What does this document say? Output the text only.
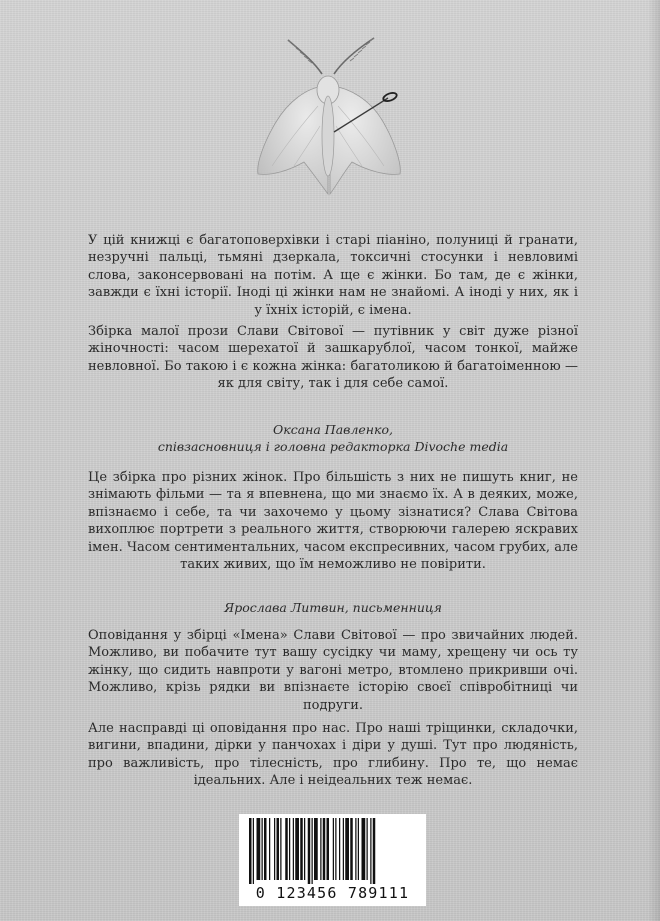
У цій книжці є багатоповерхівки і старі піаніно, полуниці й гранати, незручні пальці, тьмяні дзеркала, токсичні стосунки і невловимі слова, законсервовані на потім. А ще є жінки. Бо там, де є жінки, завжди є їхні історії. Іноді ці жінки нам не знайомі. А іноді у них, як і у їхніх історій, є імена.

Збірка малої прози Слави Світової — путівник у світ дуже різної жіночності: часом шерехатої й зашкарублої, часом тонкої, майже невловної. Бо такою і є кожна жінка: багатоликою й багатоіменною — як для світу, так і для себе самої.

Оксана Павленко,

співзасновниця і головна редакторка Divoche media

Це збірка про різних жінок. Про більшість з них не пишуть книг, не знімають фільми — та я впевнена, що ми знаємо їх. А в деяких, може, впізнаємо і себе, та чи захочемо у цьому зізнатися? Слава Світова вихоплює портрети з реального життя, створюючи галерею яскравих імен. Часом сентиментальних, часом експресивних, часом грубих, але таких живих, що їм неможливо не повірити.

Ярослава Литвин, письменниця

Оповідання у збірці «Імена» Слави Світової — про звичайних людей. Можливо, ви побачите тут вашу сусідку чи маму, хрещену чи ось ту жінку, що сидить навпроти у вагоні метро, втомлено прикривши очі. Можливо, крізь рядки ви впізнаєте історію своєї співробітниці чи подруги.

Але насправді ці оповідання про нас. Про наші тріщинки, складочки, вигини, впадини, дірки у панчохах і діри у душі. Тут про людяність, про важливість, про тілесність, про глибину. Про те, що немає ідеальних. Але і неідеальних теж немає.

0 123456 789111
